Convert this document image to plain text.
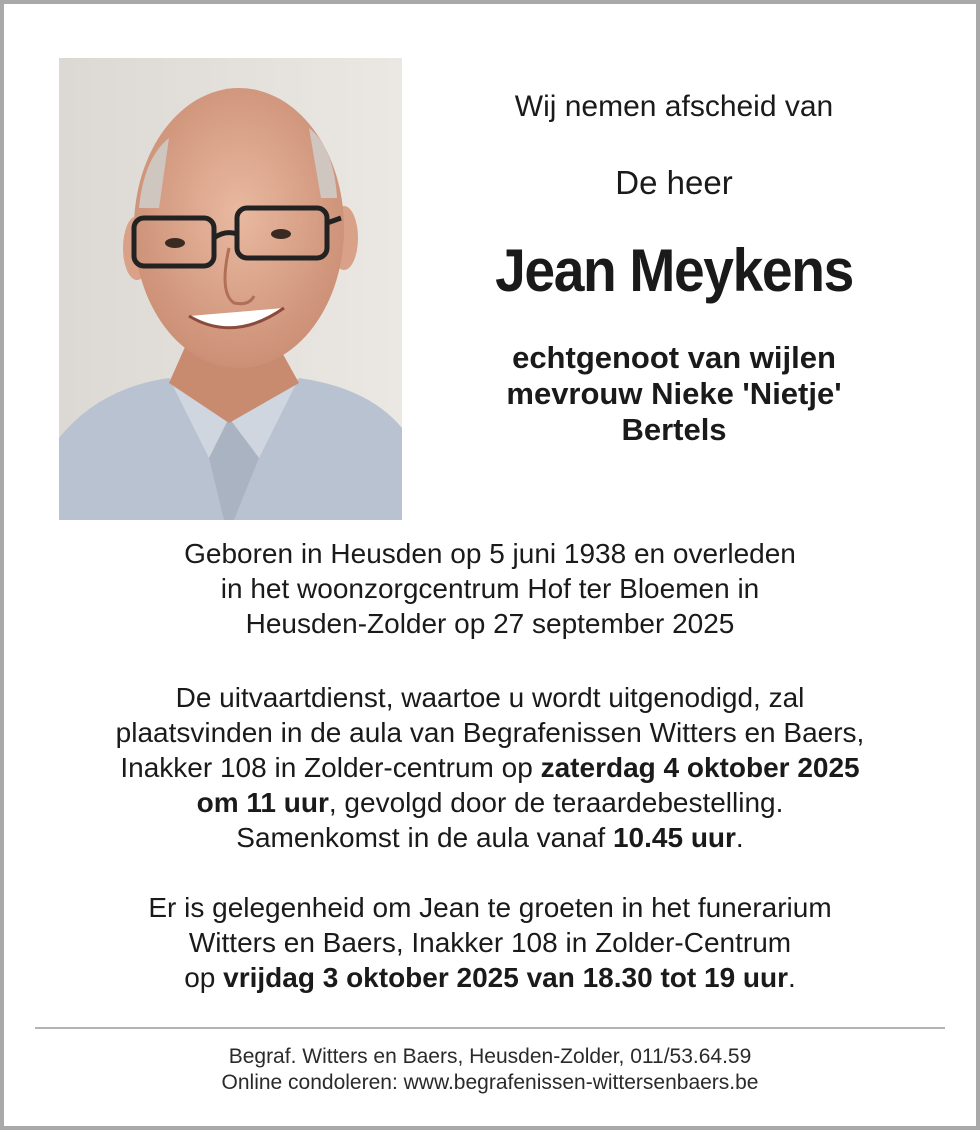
Wij nemen afscheid van
De heer
Jean Meykens
echtgenoot van wijlen
mevrouw Nieke 'Nietje'
Bertels
Geboren in Heusden op 5 juni 1938 en overleden
in het woonzorgcentrum Hof ter Bloemen in
Heusden-Zolder op 27 september 2025
De uitvaartdienst, waartoe u wordt uitgenodigd, zal
plaatsvinden in de aula van Begrafenissen Witters en Baers,
Inakker 108 in Zolder-centrum op zaterdag 4 oktober 2025
om 11 uur, gevolgd door de teraardebestelling.
Samenkomst in de aula vanaf 10.45 uur.
Er is gelegenheid om Jean te groeten in het funerarium
Witters en Baers, Inakker 108 in Zolder-Centrum
op vrijdag 3 oktober 2025 van 18.30 tot 19 uur.
Begraf. Witters en Baers, Heusden-Zolder, 011/53.64.59
Online condoleren: www.begrafenissen-wittersenbaers.be
